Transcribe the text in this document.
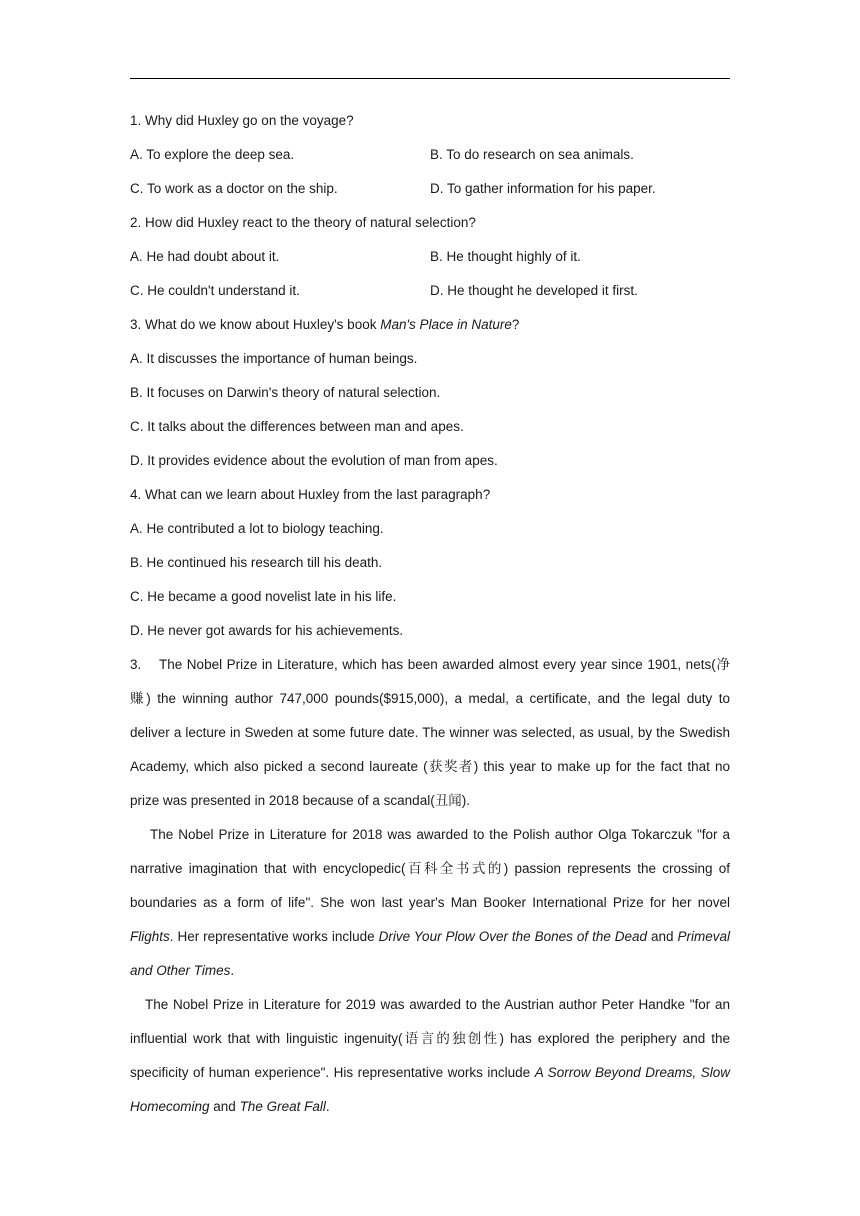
1. Why did Huxley go on the voyage?
A. To explore the deep sea.	B. To do research on sea animals.
C. To work as a doctor on the ship.	D. To gather information for his paper.
2. How did Huxley react to the theory of natural selection?
A. He had doubt about it.	B. He thought highly of it.
C. He couldn't understand it.	D. He thought he developed it first.
3. What do we know about Huxley's book Man's Place in Nature?
A. It discusses the importance of human beings.
B. It focuses on Darwin's theory of natural selection.
C. It talks about the differences between man and apes.
D. It provides evidence about the evolution of man from apes.
4. What can we learn about Huxley from the last paragraph?
A. He contributed a lot to biology teaching.
B. He continued his research till his death.
C. He became a good novelist late in his life.
D. He never got awards for his achievements.

3. The Nobel Prize in Literature, which has been awarded almost every year since 1901, nets(净赚) the winning author 747,000 pounds($915,000), a medal, a certificate, and the legal duty to deliver a lecture in Sweden at some future date. The winner was selected, as usual, by the Swedish Academy, which also picked a second laureate (获奖者) this year to make up for the fact that no prize was presented in 2018 because of a scandal(丑闻).

The Nobel Prize in Literature for 2018 was awarded to the Polish author Olga Tokarczuk "for a narrative imagination that with encyclopedic(百科全书式的) passion represents the crossing of boundaries as a form of life". She won last year's Man Booker International Prize for her novel Flights. Her representative works include Drive Your Plow Over the Bones of the Dead and Primeval and Other Times.

The Nobel Prize in Literature for 2019 was awarded to the Austrian author Peter Handke "for an influential work that with linguistic ingenuity(语言的独创性) has explored the periphery and the specificity of human experience". His representative works include A Sorrow Beyond Dreams, Slow Homecoming and The Great Fall.
